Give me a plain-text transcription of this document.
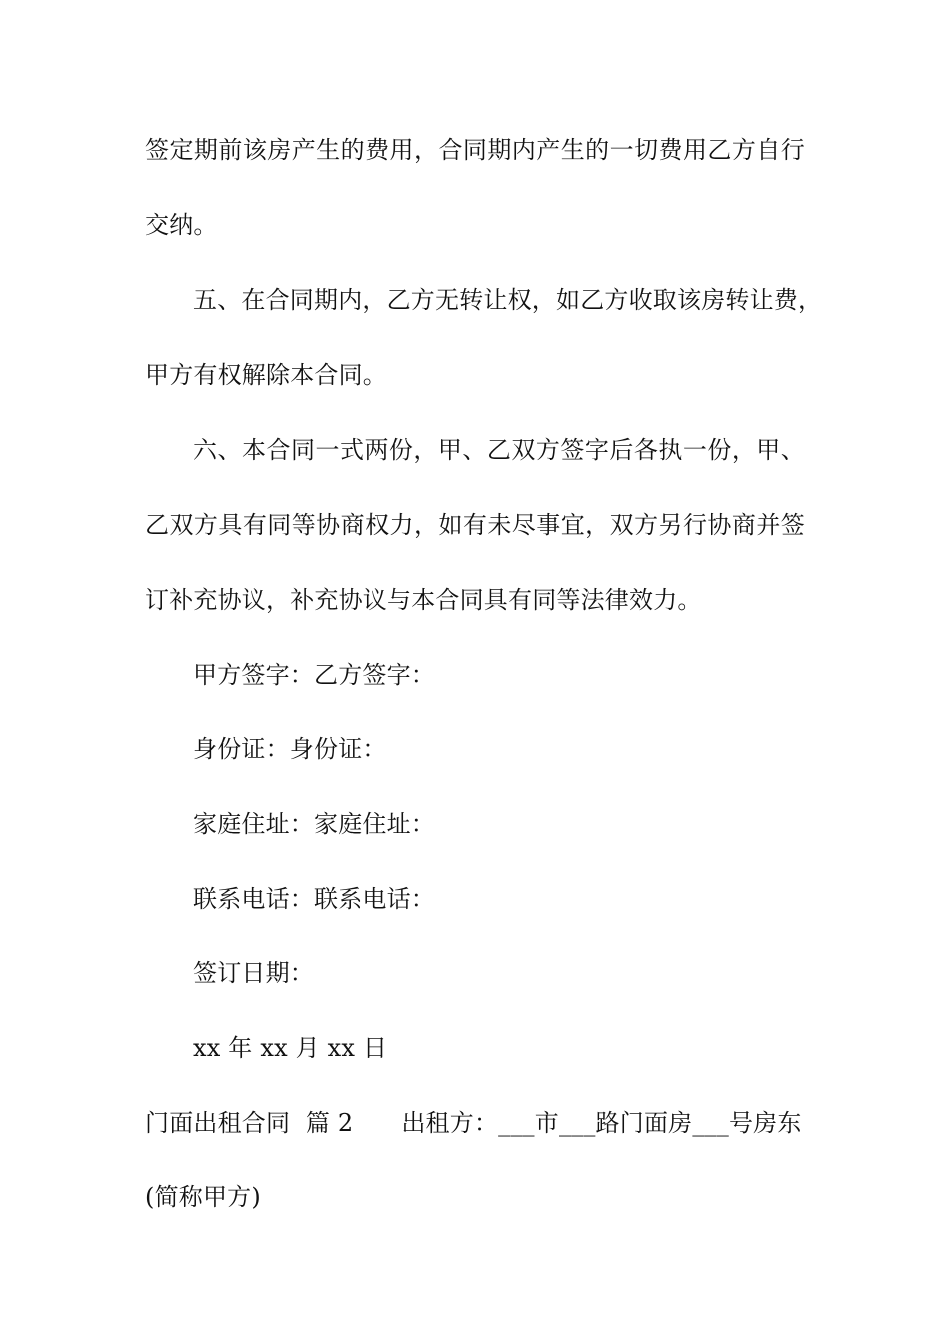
签定期前该房产生的费用，合同期内产生的一切费用乙方自行
交纳。
五、在合同期内，乙方无转让权，如乙方收取该房转让费，
甲方有权解除本合同。
六、本合同一式两份，甲、乙双方签字后各执一份，甲、
乙双方具有同等协商权力，如有未尽事宜，双方另行协商并签
订补充协议，补充协议与本合同具有同等法律效力。
甲方签字：乙方签字：
身份证：身份证：
家庭住址：家庭住址：
联系电话：联系电话：
签订日期：
xx 年 xx 月 xx 日
门面出租合同  篇 2 出租方：___市___路门面房___号房东
(简称甲方)
